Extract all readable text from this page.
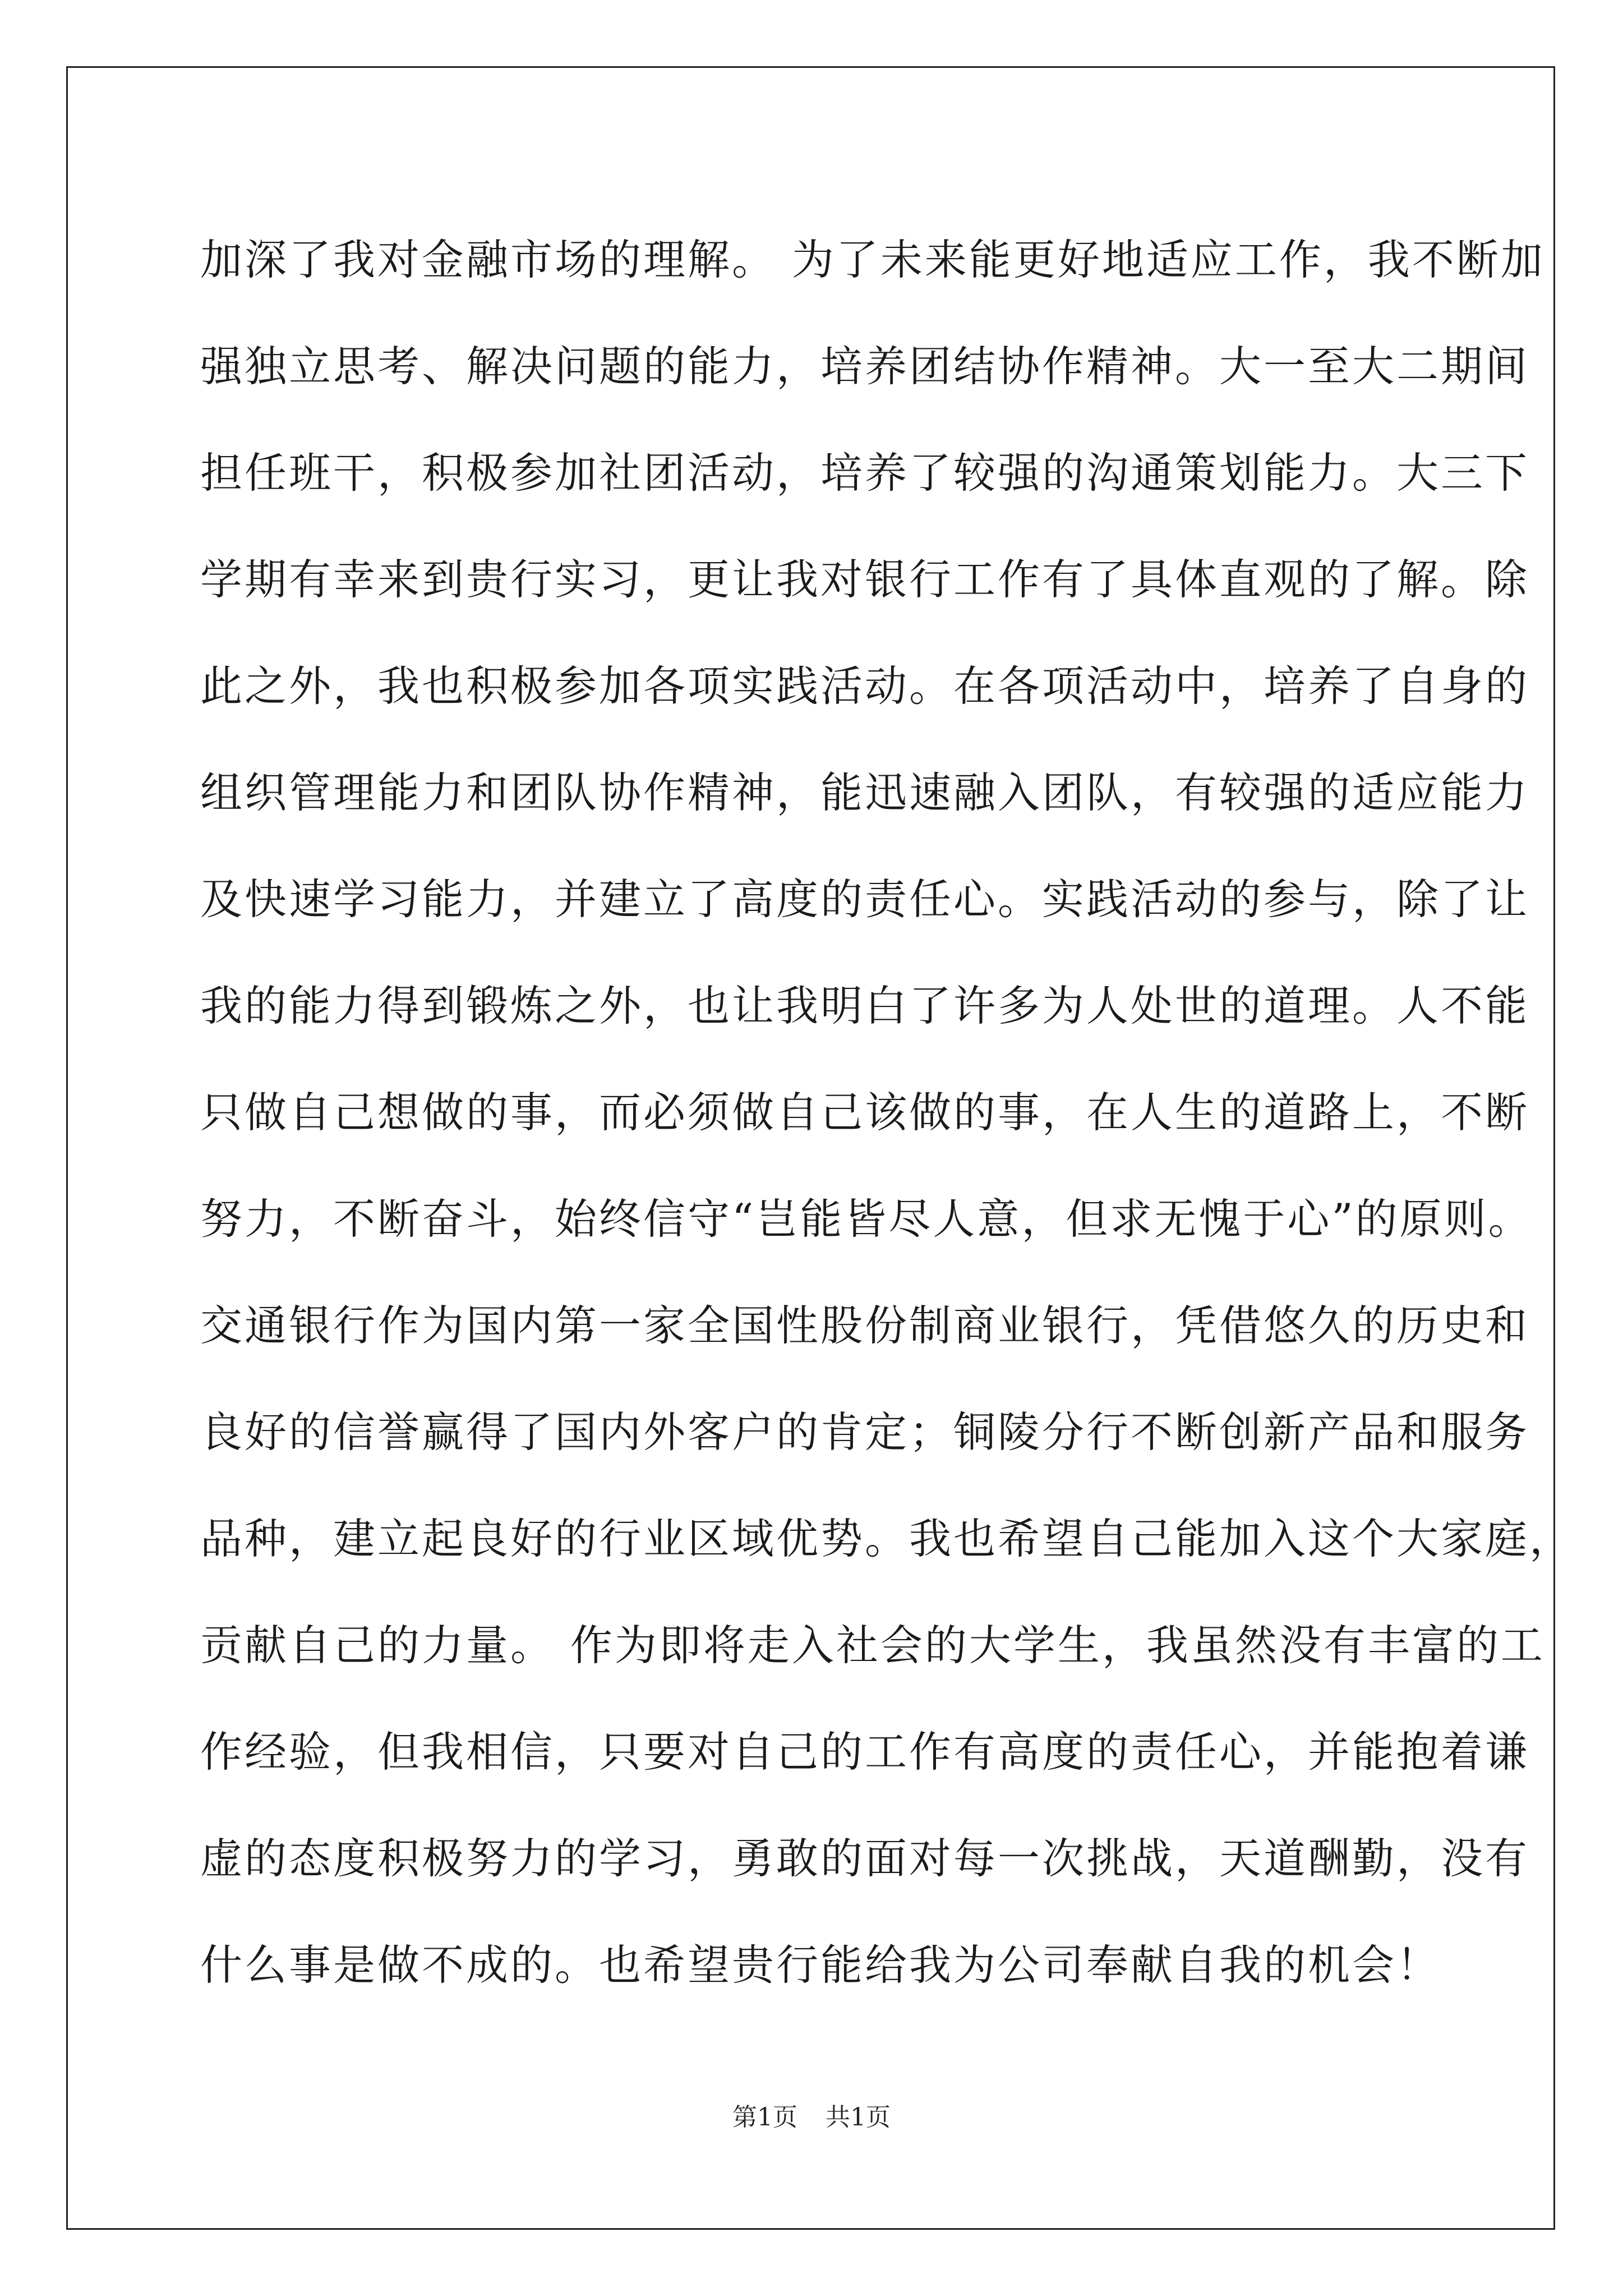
加深了我对金融市场的理解。 为了未来能更好地适应工作，我不断加
强独立思考、解决问题的能力，培养团结协作精神。大一至大二期间
担任班干，积极参加社团活动，培养了较强的沟通策划能力。大三下
学期有幸来到贵行实习，更让我对银行工作有了具体直观的了解。除
此之外，我也积极参加各项实践活动。在各项活动中，培养了自身的
组织管理能力和团队协作精神，能迅速融入团队，有较强的适应能力
及快速学习能力，并建立了高度的责任心。实践活动的参与，除了让
我的能力得到锻炼之外，也让我明白了许多为人处世的道理。人不能
只做自己想做的事，而必须做自己该做的事，在人生的道路上，不断
努力，不断奋斗，始终信守“岂能皆尽人意，但求无愧于心”的原则。
交通银行作为国内第一家全国性股份制商业银行，凭借悠久的历史和
良好的信誉赢得了国内外客户的肯定；铜陵分行不断创新产品和服务
品种，建立起良好的行业区域优势。我也希望自己能加入这个大家庭，
贡献自己的力量。 作为即将走入社会的大学生，我虽然没有丰富的工
作经验，但我相信，只要对自己的工作有高度的责任心，并能抱着谦
虚的态度积极努力的学习，勇敢的面对每一次挑战，天道酬勤，没有
什么事是做不成的。也希望贵行能给我为公司奉献自我的机会！
第1页 共1页
